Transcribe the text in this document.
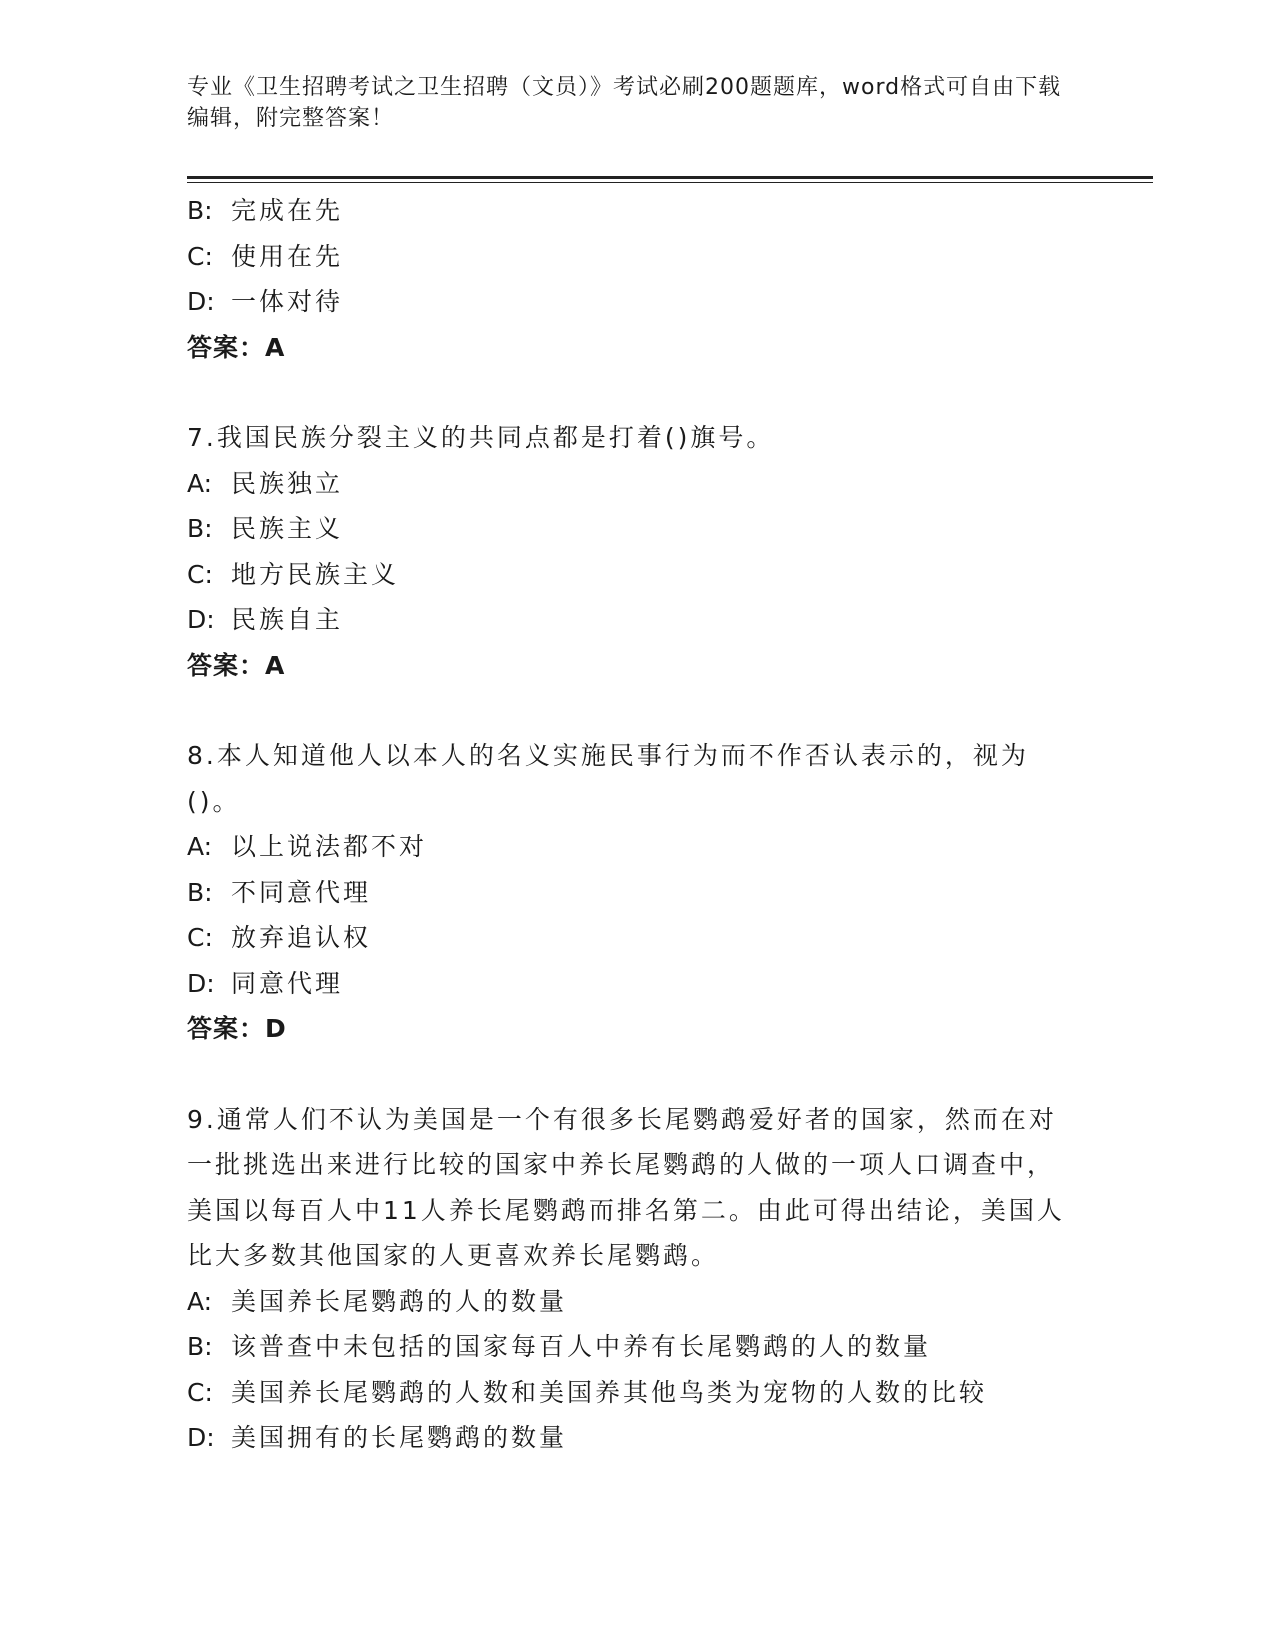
专业《卫生招聘考试之卫生招聘（文员）》考试必刷200题题库，word格式可自由下载编辑，附完整答案！

B: 完成在先

C: 使用在先

D: 一体对待

答案：A

7.我国民族分裂主义的共同点都是打着()旗号。

A: 民族独立

B: 民族主义

C: 地方民族主义

D: 民族自主

答案：A

8.本人知道他人以本人的名义实施民事行为而不作否认表示的，视为()。

A: 以上说法都不对

B: 不同意代理

C: 放弃追认权

D: 同意代理

答案：D

9.通常人们不认为美国是一个有很多长尾鹦鹉爱好者的国家，然而在对一批挑选出来进行比较的国家中养长尾鹦鹉的人做的一项人口调查中，美国以每百人中11人养长尾鹦鹉而排名第二。由此可得出结论，美国人比大多数其他国家的人更喜欢养长尾鹦鹉。

A: 美国养长尾鹦鹉的人的数量

B: 该普查中未包括的国家每百人中养有长尾鹦鹉的人的数量

C: 美国养长尾鹦鹉的人数和美国养其他鸟类为宠物的人数的比较

D: 美国拥有的长尾鹦鹉的数量
